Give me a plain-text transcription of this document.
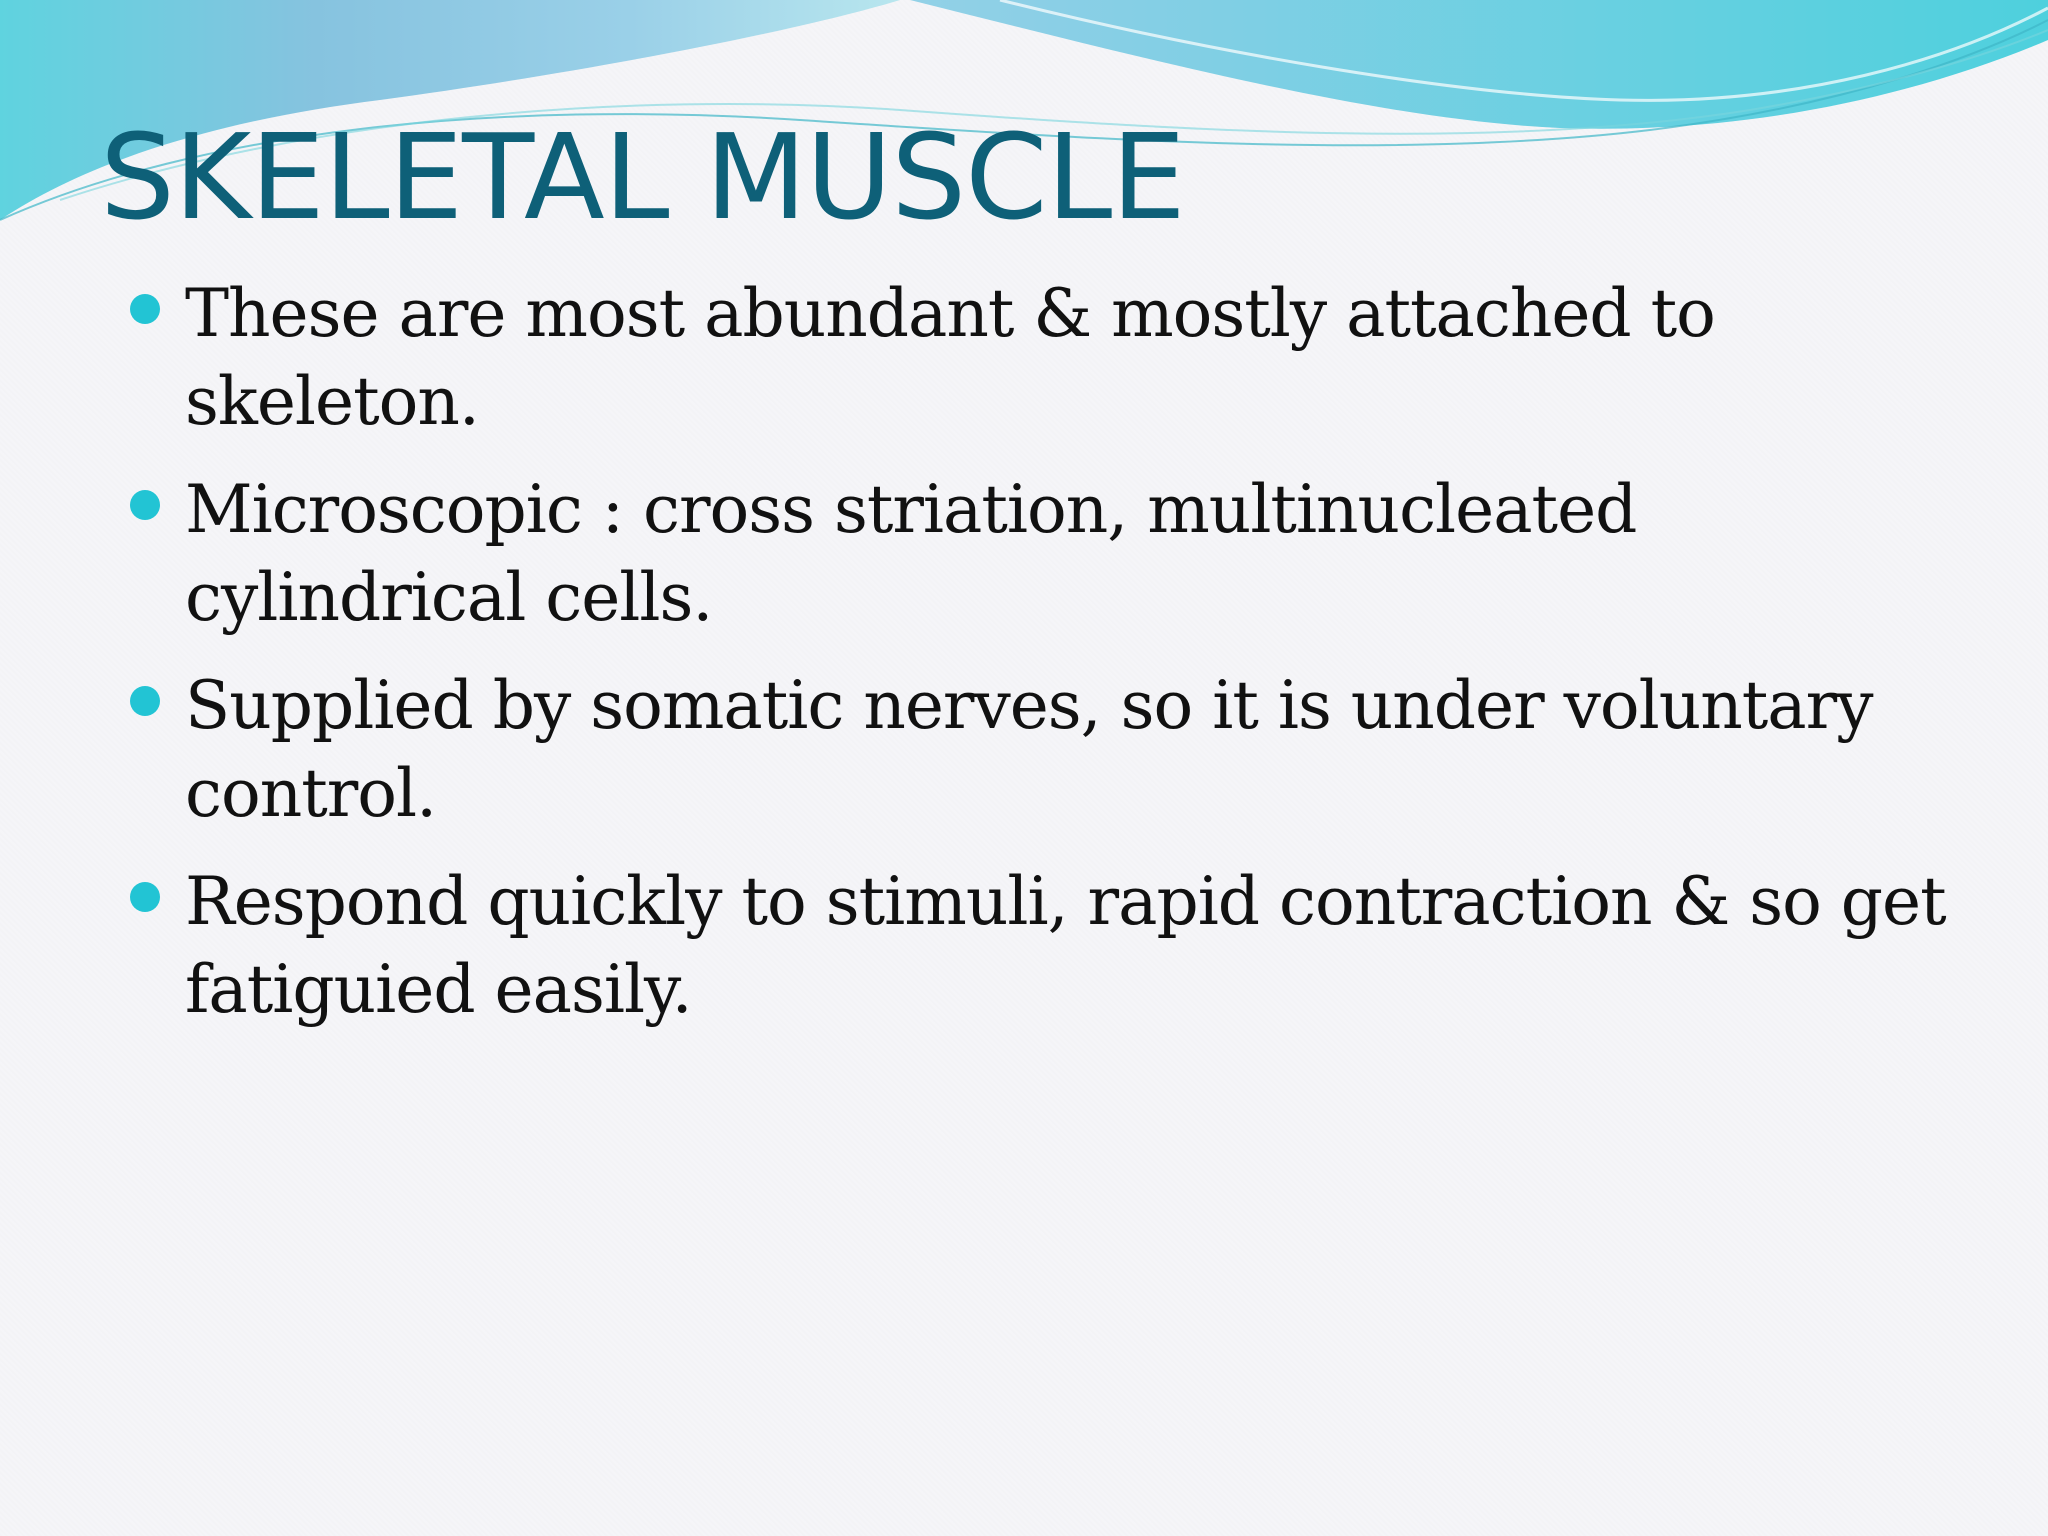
SKELETAL MUSCLE
These are most abundant & mostly attached to skeleton.
Microscopic : cross striation, multinucleated cylindrical cells.
Supplied by somatic nerves, so it is under voluntary control.
Respond quickly to stimuli, rapid contraction & so get fatiguied easily.
